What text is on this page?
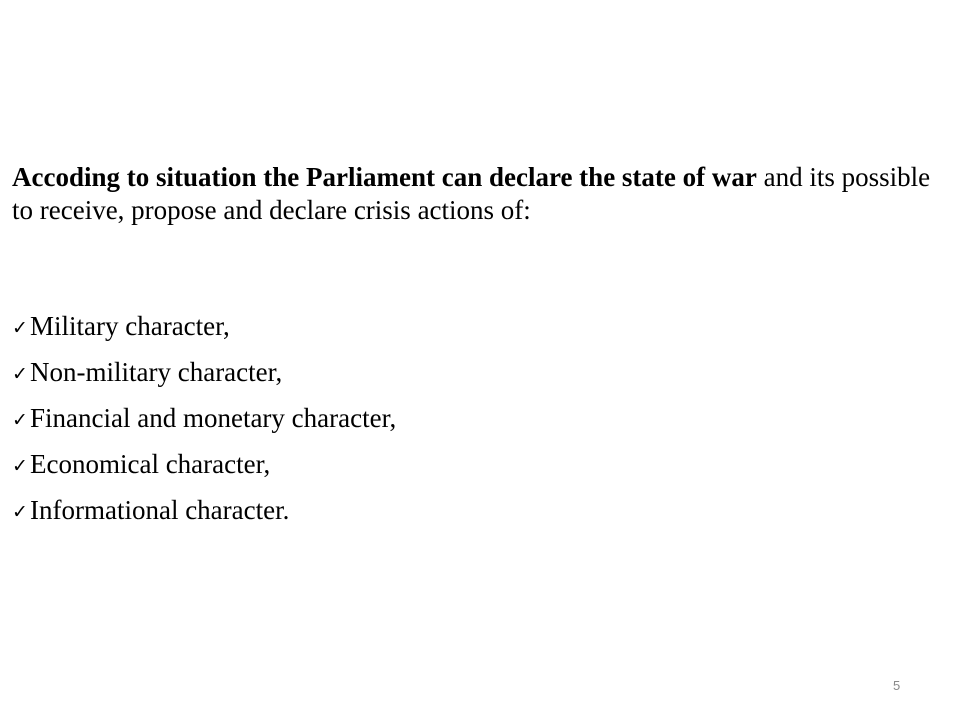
Accoding to situation the Parliament can declare the state of war and its possible to receive, propose and declare crisis actions of:

✓ Military character,
✓ Non-military character,
✓ Financial and monetary character,
✓ Economical character,
✓ Informational character.
5
